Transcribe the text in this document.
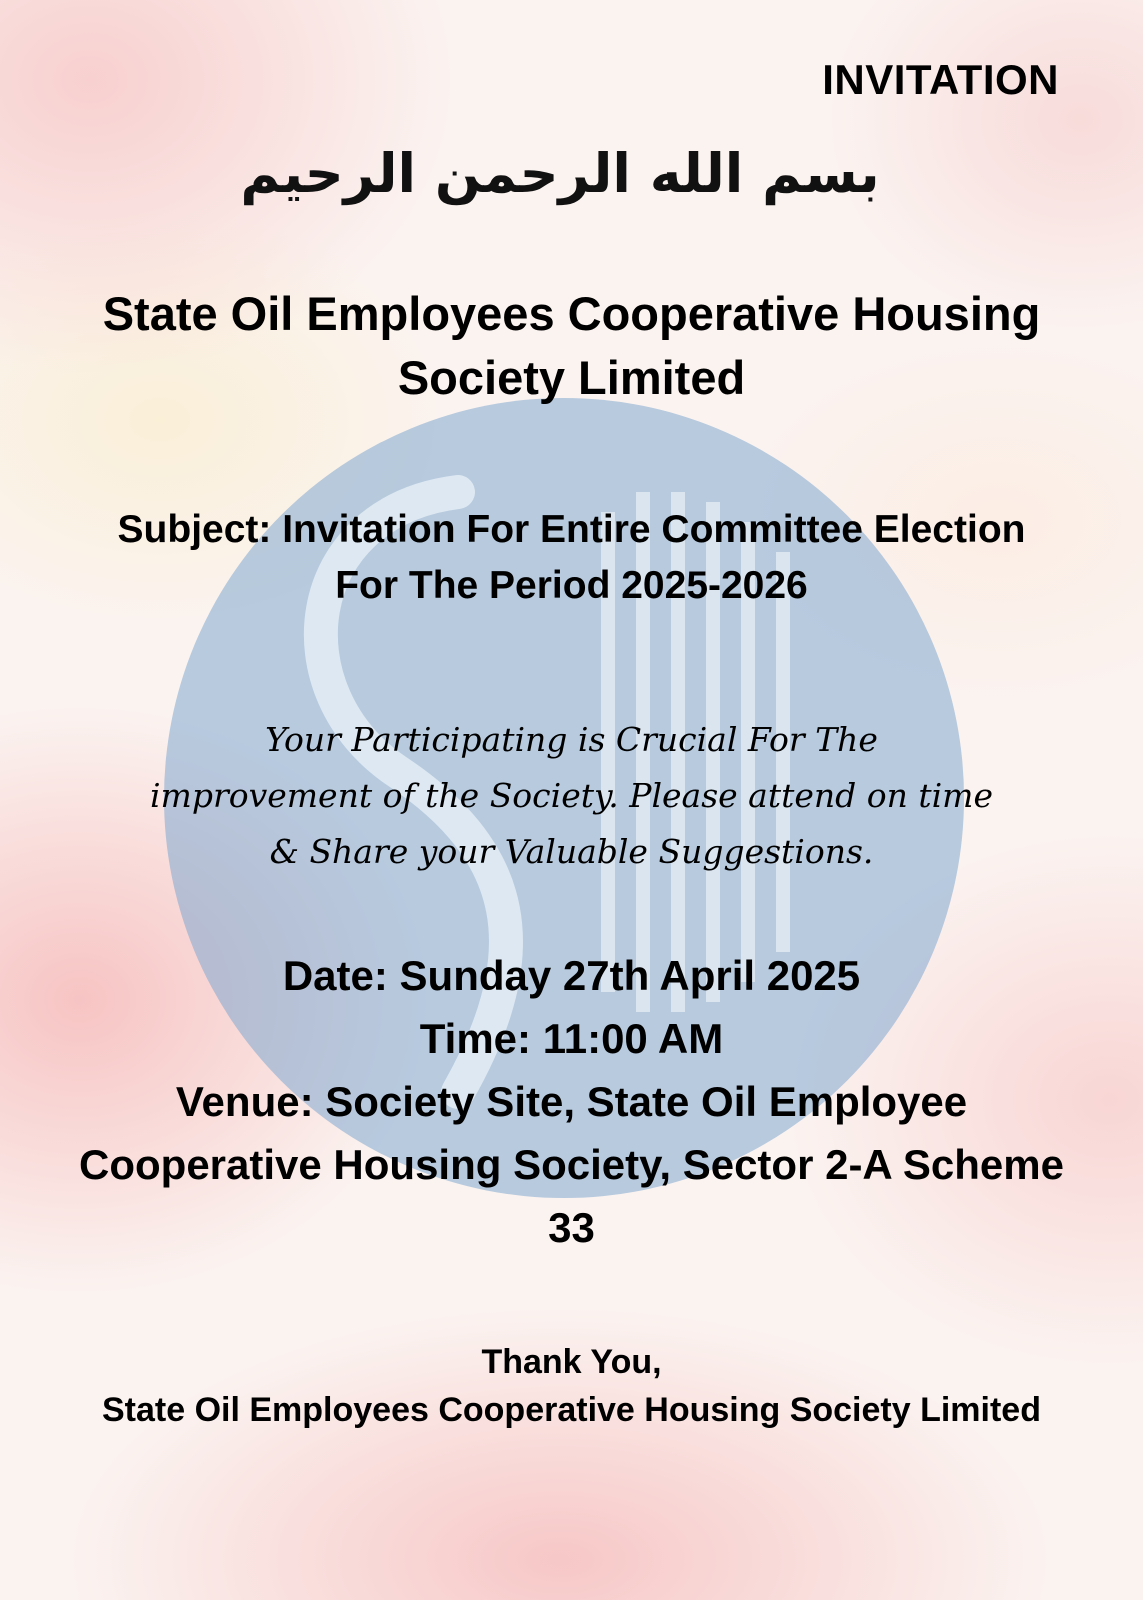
INVITATION
بسم الله الرحمن الرحيم
State Oil Employees Cooperative Housing Society Limited
Subject: Invitation For Entire Committee Election For The Period 2025-2026
Your Participating is Crucial For The
improvement of the Society. Please attend on time
& Share your Valuable Suggestions.
Date: Sunday 27th April 2025
Time: 11:00 AM
Venue: Society Site, State Oil Employee Cooperative Housing Society, Sector 2-A Scheme 33
Thank You,
State Oil Employees Cooperative Housing Society Limited
